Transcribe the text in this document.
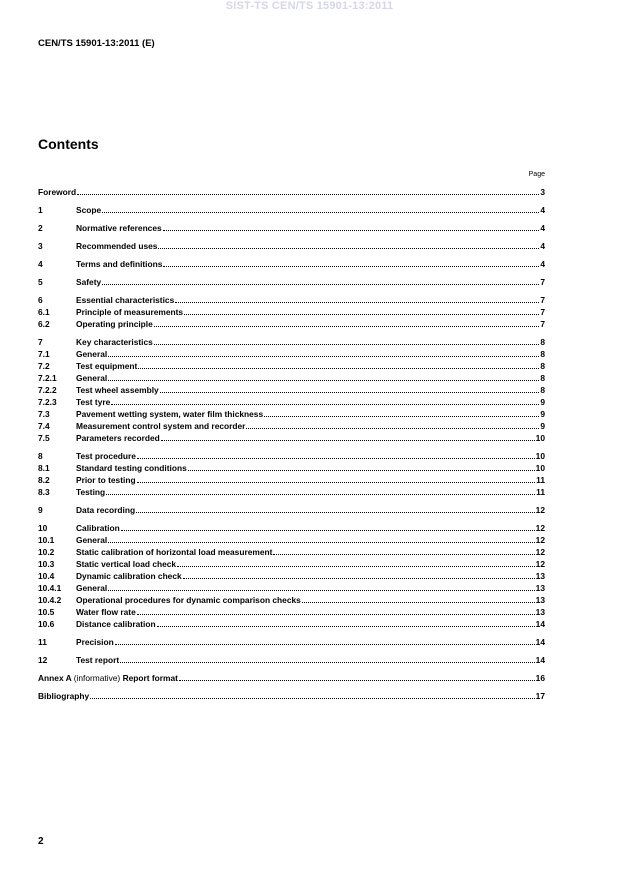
SIST-TS CEN/TS 15901-13:2011
CEN/TS 15901-13:2011 (E)
Contents
Page
Foreword	3
1	Scope	4
2	Normative references	4
3	Recommended uses	4
4	Terms and definitions	4
5	Safety	7
6	Essential characteristics	7
6.1	Principle of measurements	7
6.2	Operating principle	7
7	Key characteristics	8
7.1	General	8
7.2	Test equipment	8
7.2.1	General	8
7.2.2	Test wheel assembly	8
7.2.3	Test tyre	9
7.3	Pavement wetting system, water film thickness	9
7.4	Measurement control system and recorder	9
7.5	Parameters recorded	10
8	Test procedure	10
8.1	Standard testing conditions	10
8.2	Prior to testing	11
8.3	Testing	11
9	Data recording	12
10	Calibration	12
10.1	General	12
10.2	Static calibration of horizontal load measurement	12
10.3	Static vertical load check	12
10.4	Dynamic calibration check	13
10.4.1	General	13
10.4.2	Operational procedures for dynamic comparison checks	13
10.5	Water flow rate	13
10.6	Distance calibration	14
11	Precision	14
12	Test report	14
Annex A (informative) Report format	16
Bibliography	17
2
